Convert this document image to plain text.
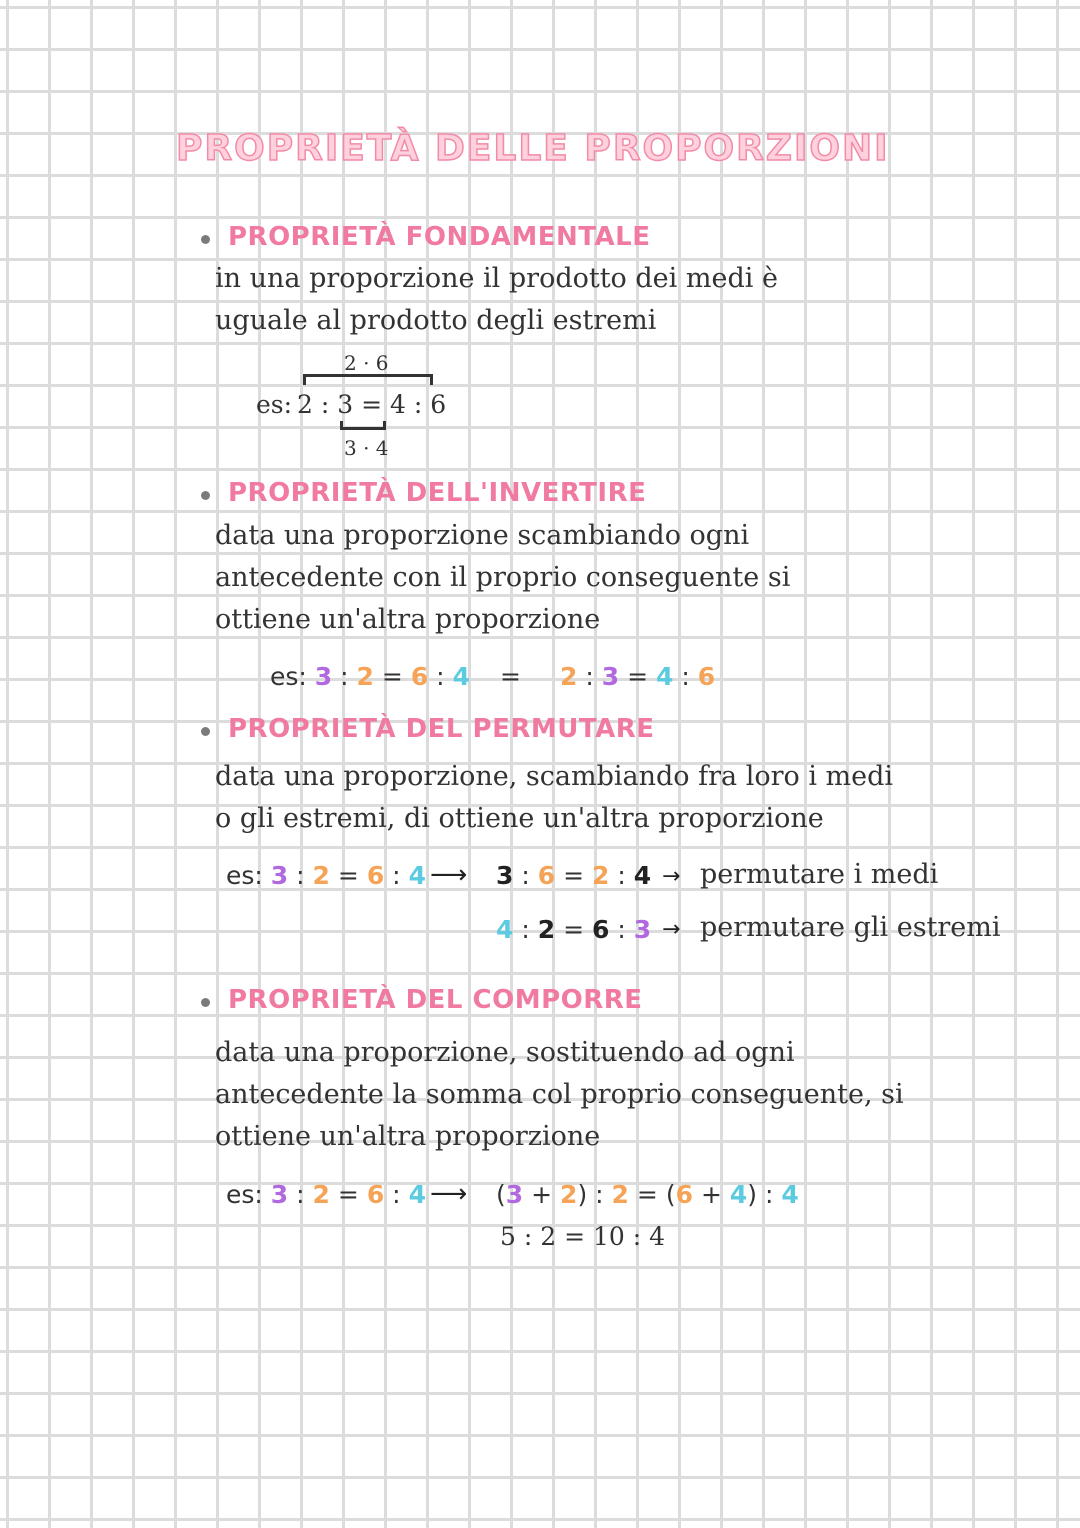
PROPRIETÀ DELLE PROPORZIONI
PROPRIETÀ FONDAMENTALE
in una proporzione il prodotto dei medi è
uguale al prodotto degli estremi
2 · 6
es: 2 : 3 = 4 : 6
3 · 4
PROPRIETÀ DELL'INVERTIRE
data una proporzione scambiando ogni
antecedente con il proprio conseguente si
ottiene un'altra proporzione
es: 3 : 2 = 6 : 4 = 2 : 3 = 4 : 6
PROPRIETÀ DEL PERMUTARE
data una proporzione, scambiando fra loro i medi
o gli estremi, di ottiene un'altra proporzione
es: 3 : 2 = 6 : 4 ⟶ 3 : 6 = 2 : 4 → permutare i medi
4 : 2 = 6 : 3 → permutare gli estremi
PROPRIETÀ DEL COMPORRE
data una proporzione, sostituendo ad ogni
antecedente la somma col proprio conseguente, si
ottiene un'altra proporzione
es: 3 : 2 = 6 : 4 ⟶ (3 + 2) : 2 = (6 + 4) : 4
5 : 2 = 10 : 4
